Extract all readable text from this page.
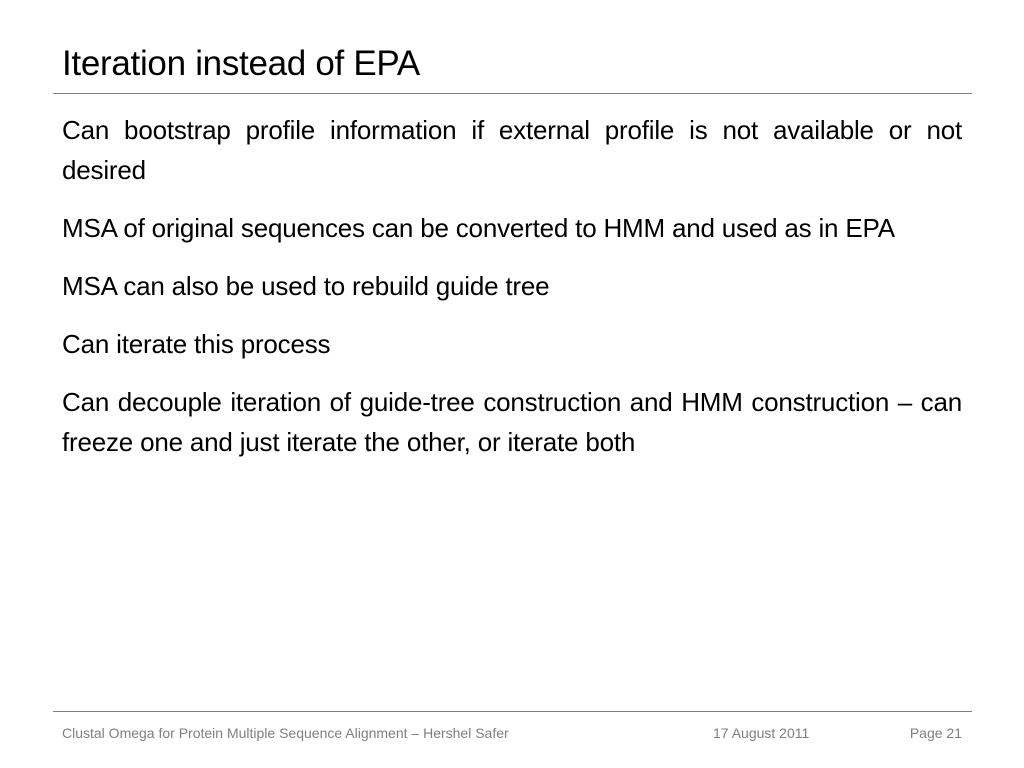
Iteration instead of EPA
Can bootstrap profile information if external profile is not available or not desired
MSA of original sequences can be converted to HMM and used as in EPA
MSA can also be used to rebuild guide tree
Can iterate this process
Can decouple iteration of guide-tree construction and HMM construction – can freeze one and just iterate the other, or iterate both
Clustal Omega for Protein Multiple Sequence Alignment – Hershel Safer	17 August 2011	Page 21
